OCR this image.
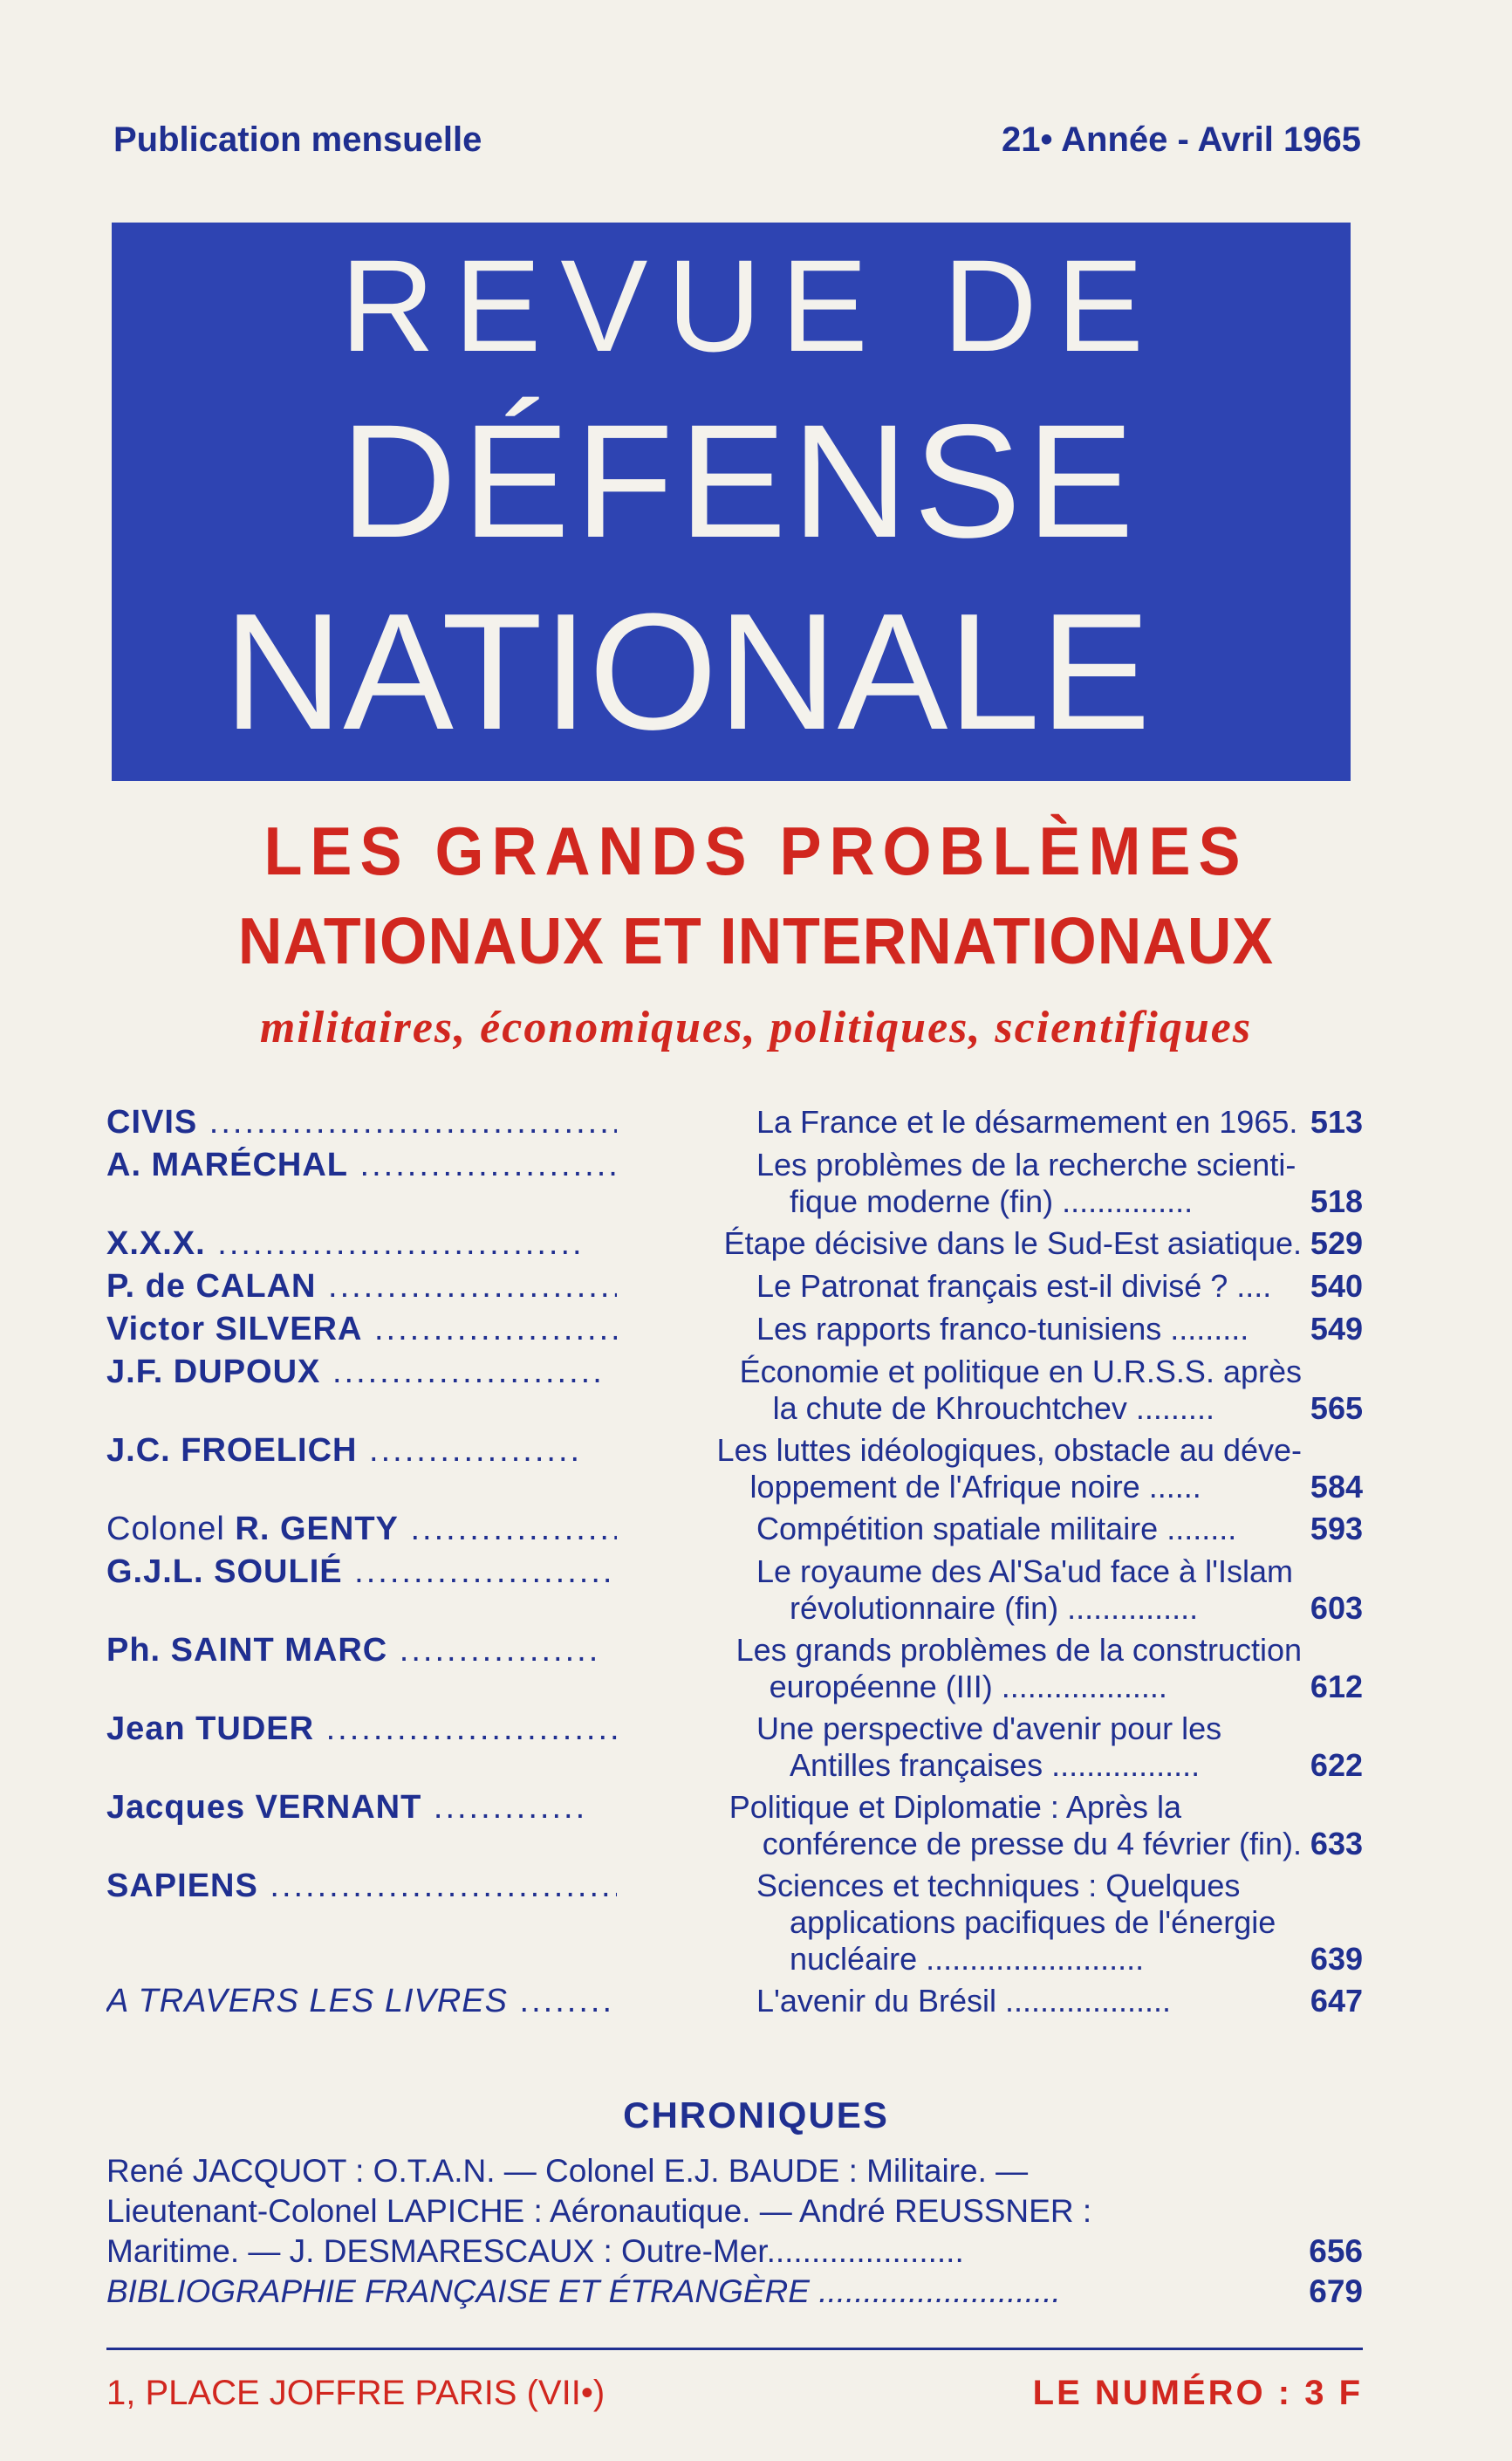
Publication mensuelle	21• Année - Avril 1965
REVUE DE
DÉFENSE
NATIONALE
LES GRANDS PROBLÈMES
NATIONAUX ET INTERNATIONAUX
militaires, économiques, politiques, scientifiques
CIVIS .....	La France et le désarmement en 1965. 513
A. MARÉCHAL .....	Les problèmes de la recherche scienti-
fique moderne (fin) ...............	518
X.X.X. .....	Étape décisive dans le Sud-Est asiatique. 529
P. de CALAN .....	Le Patronat français est-il divisé ? ....	540
Victor SILVERA .....	Les rapports franco-tunisiens .........	549
J.F. DUPOUX .....	Économie et politique en U.R.S.S. après
la chute de Khrouchtchev .........	565
J.C. FROELICH .....	Les luttes idéologiques, obstacle au déve-
loppement de l'Afrique noire ......	584
Colonel R. GENTY .....	Compétition spatiale militaire ........	593
G.J.L. SOULIÉ .....	Le royaume des Al'Sa'ud face à l'Islam
révolutionnaire (fin) ...............	603
Ph. SAINT MARC .....	Les grands problèmes de la construction
européenne (III) ...................	612
Jean TUDER .....	Une perspective d'avenir pour les
Antilles françaises .................	622
Jacques VERNANT .....	Politique et Diplomatie : Après la
conférence de presse du 4 février (fin). 633
SAPIENS .....	Sciences et techniques : Quelques
applications pacifiques de l'énergie
nucléaire .........................	639
A TRAVERS LES LIVRES .....	L'avenir du Brésil ...................	647
CHRONIQUES
René JACQUOT : O.T.A.N. — Colonel E.J. BAUDE : Militaire. —
Lieutenant-Colonel LAPICHE : Aéronautique. — André REUSSNER :
Maritime. — J. DESMARESCAUX : Outre-Mer......................	656
BIBLIOGRAPHIE FRANÇAISE ET ÉTRANGÈRE ...........................	679
1, PLACE JOFFRE PARIS (VII•)	LE NUMÉRO : 3 F
